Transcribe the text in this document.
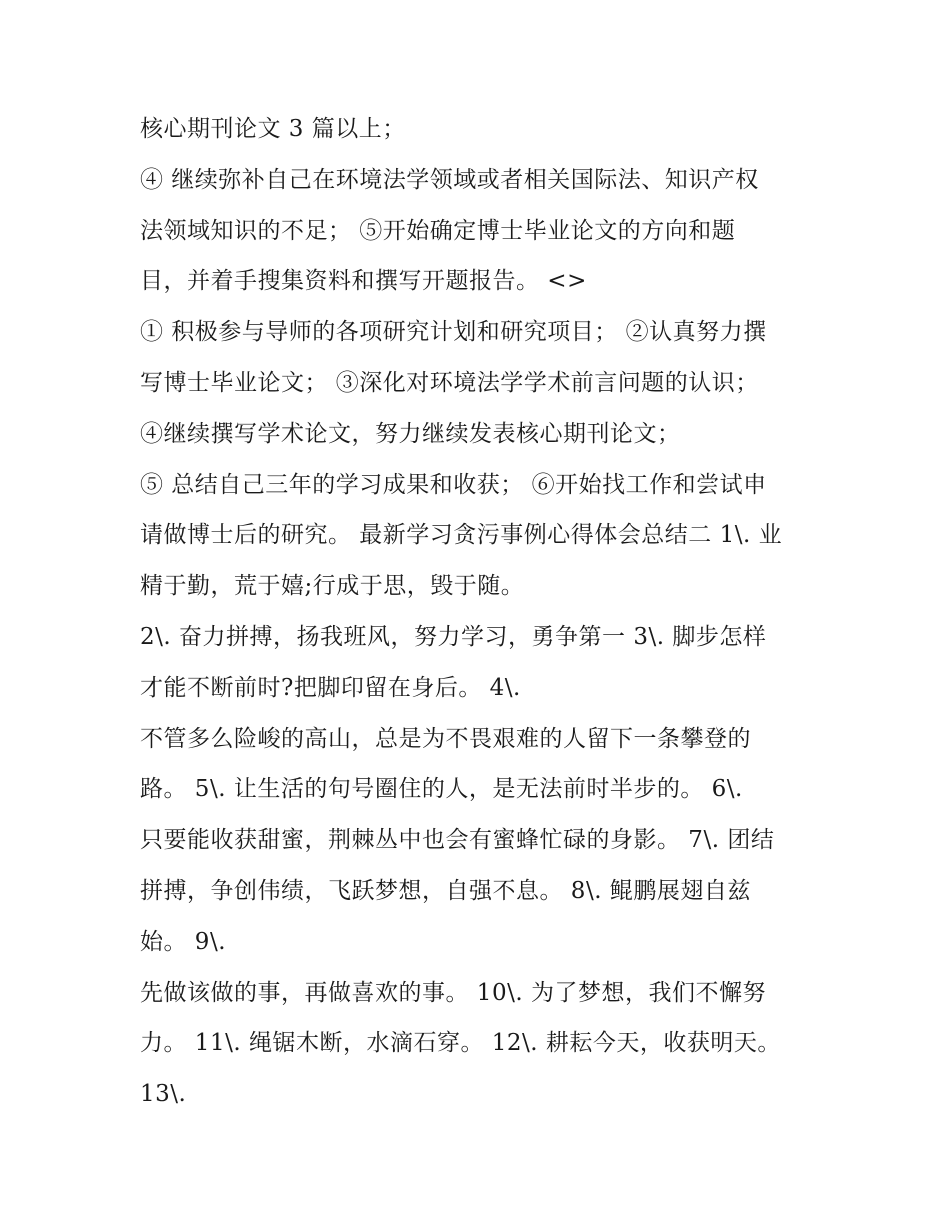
核心期刊论文 3 篇以上；
④ 继续弥补自己在环境法学领域或者相关国际法、知识产权
法领域知识的不足； ⑤开始确定博士毕业论文的方向和题
目，并着手搜集资料和撰写开题报告。 <>
① 积极参与导师的各项研究计划和研究项目； ②认真努力撰
写博士毕业论文； ③深化对环境法学学术前言问题的认识；
④继续撰写学术论文，努力继续发表核心期刊论文；
⑤ 总结自己三年的学习成果和收获； ⑥开始找工作和尝试申
请做博士后的研究。 最新学习贪污事例心得体会总结二 1\. 业
精于勤，荒于嬉;行成于思，毁于随。
2\. 奋力拼搏，扬我班风，努力学习，勇争第一 3\. 脚步怎样
才能不断前时?把脚印留在身后。 4\.
不管多么险峻的高山，总是为不畏艰难的人留下一条攀登的
路。 5\. 让生活的句号圈住的人，是无法前时半步的。 6\.
只要能收获甜蜜，荆棘丛中也会有蜜蜂忙碌的身影。 7\. 团结
拼搏，争创伟绩，飞跃梦想，自强不息。 8\. 鲲鹏展翅自兹
始。 9\.
先做该做的事，再做喜欢的事。 10\. 为了梦想，我们不懈努
力。 11\. 绳锯木断，水滴石穿。 12\. 耕耘今天，收获明天。
13\.
